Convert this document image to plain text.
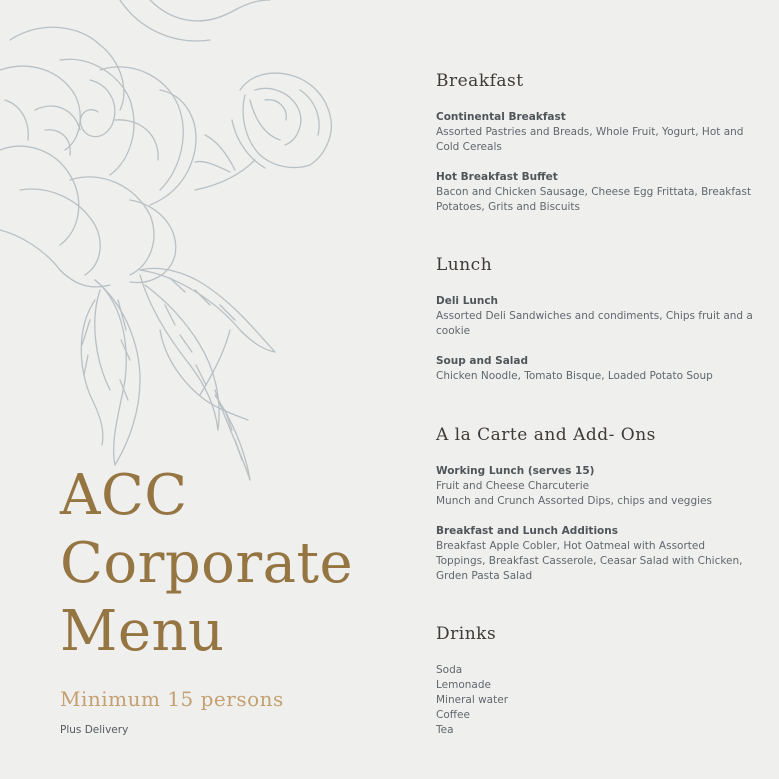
ACC
Corporate
Menu
Minimum 15 persons
Plus Delivery
Breakfast
Continental Breakfast
Assorted Pastries and Breads, Whole Fruit, Yogurt, Hot and Cold Cereals
Hot Breakfast Buffet
Bacon and Chicken Sausage, Cheese Egg Frittata, Breakfast Potatoes, Grits and Biscuits
Lunch
Deli Lunch
Assorted Deli Sandwiches and condiments, Chips fruit and a cookie
Soup and Salad
Chicken Noodle, Tomato Bisque, Loaded Potato Soup
A la Carte and Add- Ons
Working Lunch (serves 15)
Fruit and Cheese Charcuterie
Munch and Crunch Assorted Dips, chips and veggies
Breakfast and Lunch Additions
Breakfast Apple Cobler, Hot Oatmeal with Assorted Toppings, Breakfast Casserole, Ceasar Salad with Chicken, Grden Pasta Salad
Drinks
Soda
Lemonade
Mineral water
Coffee
Tea
